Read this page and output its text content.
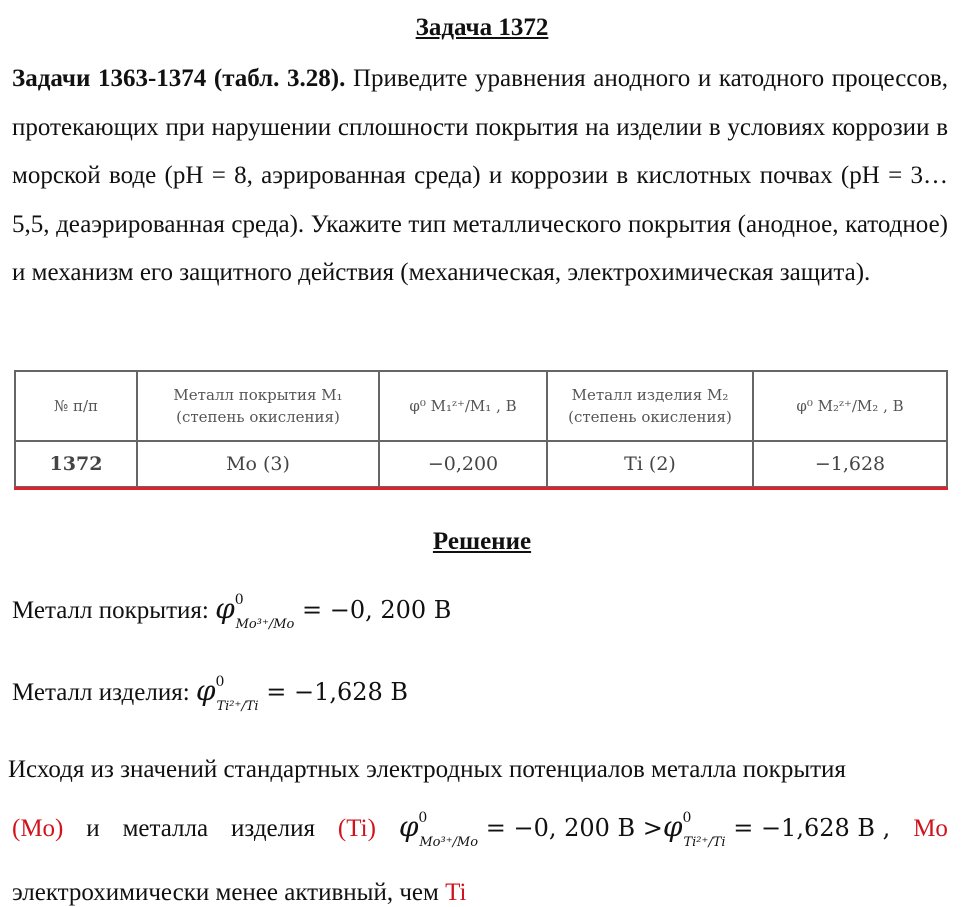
Задача 1372
Задачи 1363-1374 (табл. 3.28). Приведите уравнения анодного и катодного процессов, протекающих при нарушении сплошности покрытия на изделии в условиях коррозии в морской воде (pH = 8, аэрированная среда) и коррозии в кислотных почвах (pH = 3…5,5, деаэрированная среда). Укажите тип металлического покрытия (анодное, катодное) и механизм его защитного действия (механическая, электрохимическая защита).
№ п/п	Металл покрытия M₁ (степень окисления)	φ⁰ M₁ᶻ⁺/M₁ , В	Металл изделия M₂ (степень окисления)	φ⁰ M₂ᶻ⁺/M₂ , В
1372	Mo (3)	−0,200	Ti (2)	−1,628
Решение
Металл покрытия: $\varphi^0_{Mo^{3+}/Mo} = -0$, 200 В
Металл изделия: $\varphi^0_{Ti^{2+}/Ti} = -1,628$ В
Исходя из значений стандартных электродных потенциалов металла покрытия
(Mo) и металла изделия (Ti) $\varphi^0_{Mo^{3+}/Mo} = -0$, 200 $В >\varphi^0_{Ti^{2+}/Ti} = -1,628$ В , Mo
электрохимически менее активный, чем Ti
